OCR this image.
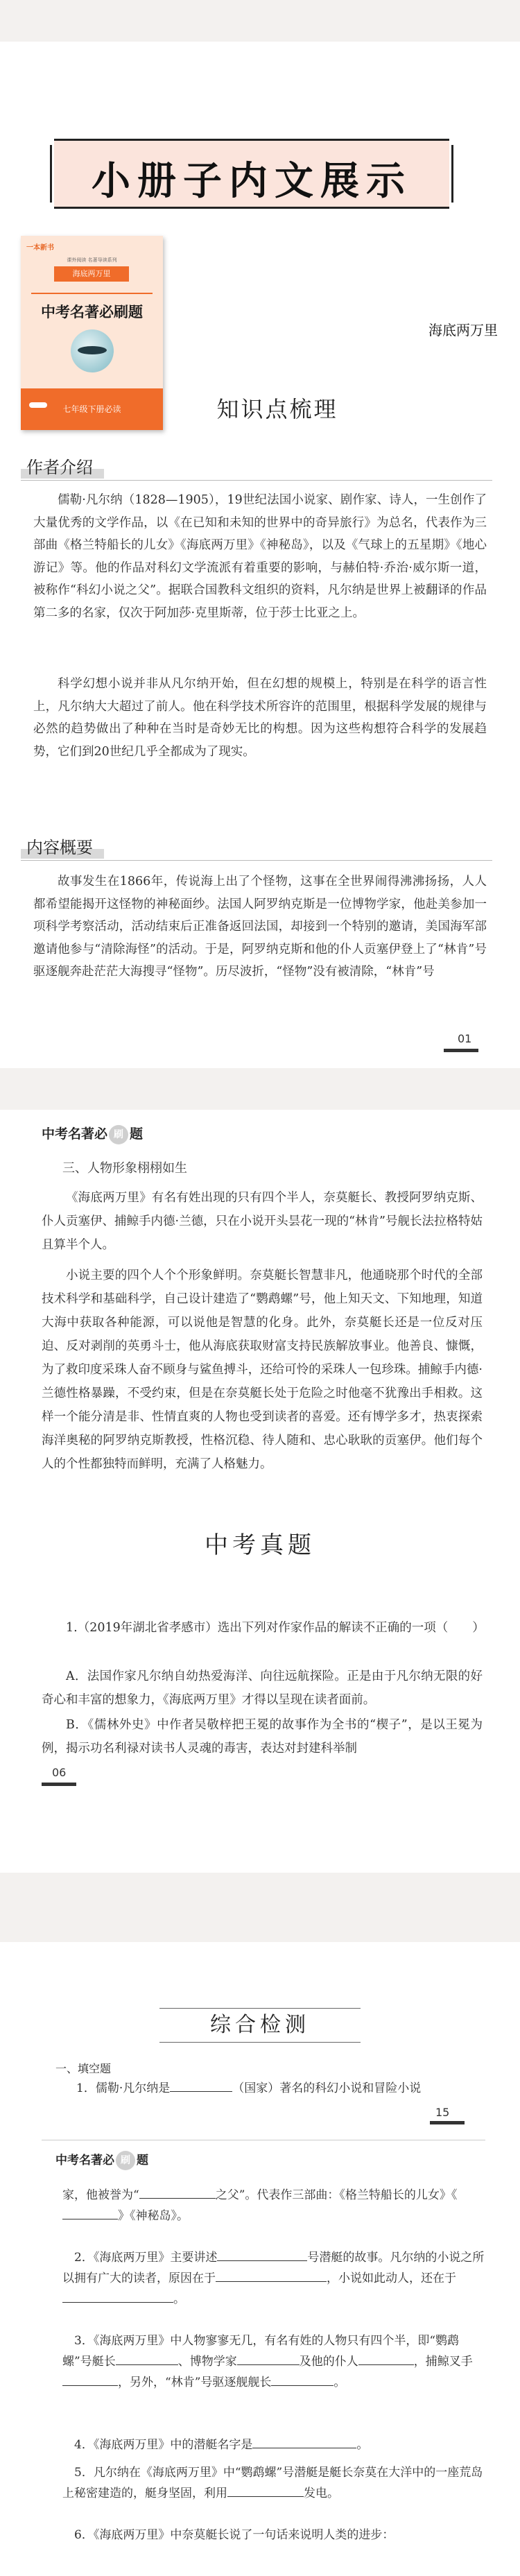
小册子内文展示
一本新书
课外阅读 名著导读系列
海底两万里
中考名著必刷题
七年级下册必读
海底两万里
知识点梳理
作者介绍

儒勒·凡尔纳（1828—1905），19世纪法国小说家、剧作家、诗人，一生创作了大量优秀的文学作品，以《在已知和未知的世界中的奇异旅行》为总名，代表作为三部曲《格兰特船长的儿女》《海底两万里》《神秘岛》，以及《气球上的五星期》《地心游记》等。他的作品对科幻文学流派有着重要的影响，与赫伯特·乔治·威尔斯一道，被称作“科幻小说之父”。据联合国教科文组织的资料，凡尔纳是世界上被翻译的作品第二多的名家，仅次于阿加莎·克里斯蒂，位于莎士比亚之上。

科学幻想小说并非从凡尔纳开始，但在幻想的规模上，特别是在科学的语言性上，凡尔纳大大超过了前人。他在科学技术所容许的范围里，根据科学发展的规律与必然的趋势做出了种种在当时是奇妙无比的构想。因为这些构想符合科学的发展趋势，它们到20世纪几乎全都成为了现实。

内容概要

故事发生在1866年，传说海上出了个怪物，这事在全世界闹得沸沸扬扬，人人都希望能揭开这怪物的神秘面纱。法国人阿罗纳克斯是一位博物学家，他赴美参加一项科学考察活动，活动结束后正准备返回法国，却接到一个特别的邀请，美国海军部邀请他参与“清除海怪”的活动。于是，阿罗纳克斯和他的仆人贡塞伊登上了“林肯”号驱逐舰奔赴茫茫大海搜寻“怪物”。历尽波折，“怪物”没有被清除，“林肯”号

01
中考名著必 刷 题
三、人物形象栩栩如生

《海底两万里》有名有姓出现的只有四个半人，奈莫艇长、教授阿罗纳克斯、仆人贡塞伊、捕鲸手内德·兰德，只在小说开头昙花一现的“林肯”号舰长法拉格特姑且算半个人。

小说主要的四个人个个形象鲜明。奈莫艇长智慧非凡，他通晓那个时代的全部技术科学和基础科学，自己设计建造了“鹦鹉螺”号，他上知天文、下知地理，知道大海中获取各种能源，可以说他是智慧的化身。此外，奈莫艇长还是一位反对压迫、反对剥削的英勇斗士，他从海底获取财富支持民族解放事业。他善良、慷慨，为了救印度采珠人奋不顾身与鲨鱼搏斗，还给可怜的采珠人一包珍珠。捕鲸手内德·兰德性格暴躁，不受约束，但是在奈莫艇长处于危险之时他毫不犹豫出手相救。这样一个能分清是非、性情直爽的人物也受到读者的喜爱。还有博学多才，热衷探索海洋奥秘的阿罗纳克斯教授，性格沉稳、待人随和、忠心耿耿的贡塞伊。他们每个人的个性都独特而鲜明，充满了人格魅力。

中考真题

1.（2019年湖北省孝感市）选出下列对作家作品的解读不正确的一项（　　）

A．法国作家凡尔纳自幼热爱海洋、向往远航探险。正是由于凡尔纳无限的好奇心和丰富的想象力，《海底两万里》才得以呈现在读者面前。

B．《儒林外史》中作者吴敬梓把王冕的故事作为全书的“楔子”，是以王冕为例，揭示功名利禄对读书人灵魂的毒害，表达对封建科举制

06
综合检测
一、填空题

1．儒勒·凡尔纳是	（国家）著名的科幻小说和冒险小说

15
中考名著必 刷 题

家，他被誉为“	之父”。代表作三部曲：《格兰特船长的儿女》《》《神秘岛》。

2．《海底两万里》主要讲述	号潜艇的故事。凡尔纳的小说之所以拥有广大的读者，原因在于	，小说如此动人，还在于。

3．《海底两万里》中人物寥寥无几，有名有姓的人物只有四个半，即“鹦鹉螺”号艇长	、博物学家	及他的仆人	，捕鲸叉手，另外，“林肯”号驱逐舰舰长	。

4．《海底两万里》中的潜艇名字是	。

5．凡尔纳在《海底两万里》中“鹦鹉螺”号潜艇是艇长奈莫在大洋中的一座荒岛上秘密建造的，艇身坚固，利用	发电。

6．《海底两万里》中奈莫艇长说了一句话来说明人类的进步：
